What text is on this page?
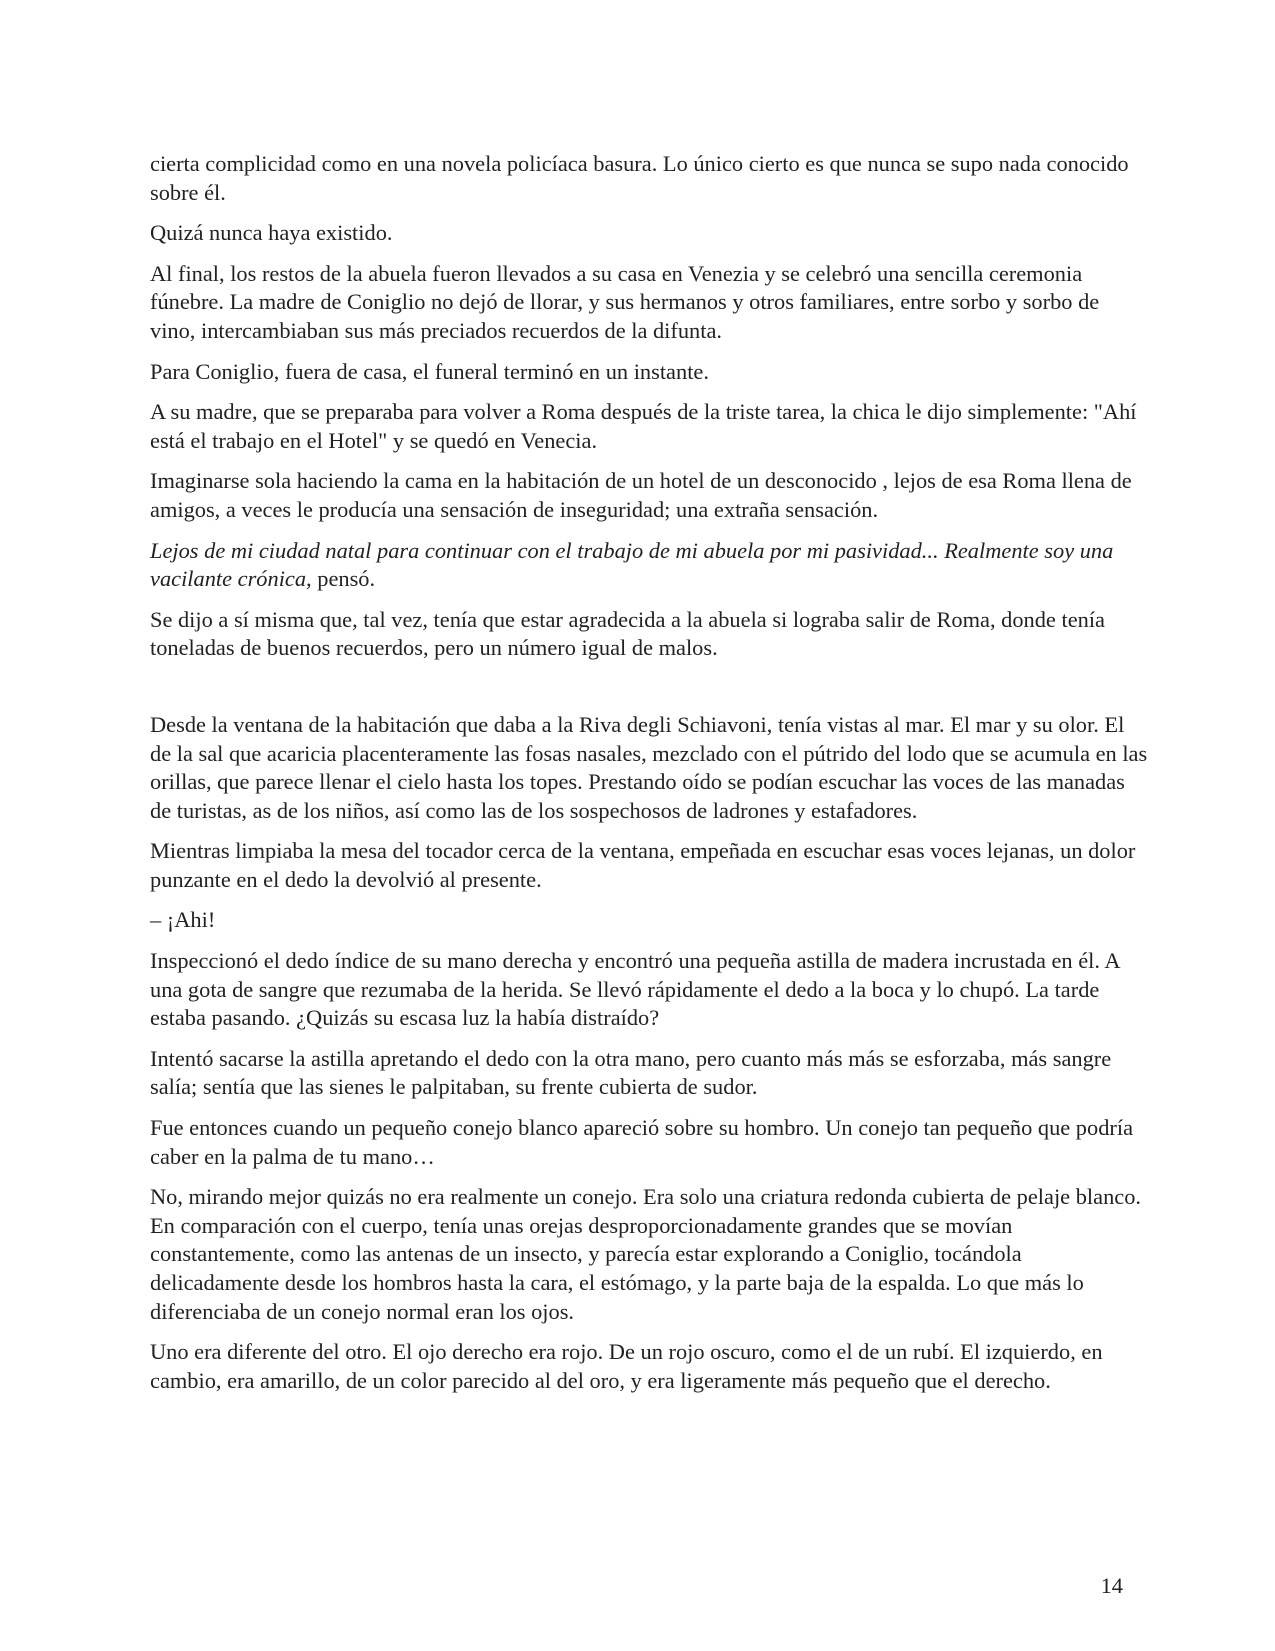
cierta complicidad como en una novela policíaca basura. Lo único cierto es que nunca se supo nada conocido sobre él.

Quizá nunca haya existido.

Al final, los restos de la abuela fueron llevados a su casa en Venezia y se celebró una sencilla ceremonia fúnebre. La madre de Coniglio no dejó de llorar, y sus hermanos y otros familiares, entre sorbo y sorbo de vino, intercambiaban sus más preciados recuerdos de la difunta.

Para Coniglio, fuera de casa, el funeral terminó en un instante.

A su madre, que se preparaba para volver a Roma después de la triste tarea, la chica le dijo simplemente: "Ahí está el trabajo en el Hotel" y se quedó en Venecia.

Imaginarse sola haciendo la cama en la habitación de un hotel de un desconocido , lejos de esa Roma llena de amigos, a veces le producía una sensación de inseguridad; una extraña sensación.

Lejos de mi ciudad natal para continuar con el trabajo de mi abuela por mi pasividad... Realmente soy una vacilante crónica, pensó.

Se dijo a sí misma que, tal vez, tenía que estar agradecida a la abuela si lograba salir de Roma, donde tenía toneladas de buenos recuerdos, pero un número igual de malos.

Desde la ventana de la habitación que daba a la Riva degli Schiavoni, tenía vistas al mar. El mar y su olor. El de la sal que acaricia placenteramente las fosas nasales, mezclado con el pútrido del lodo que se acumula en las orillas, que parece llenar el cielo hasta los topes. Prestando oído se podían escuchar las voces de las manadas de turistas, as de los niños, así como las de los sospechosos de ladrones y estafadores.

Mientras limpiaba la mesa del tocador cerca de la ventana, empeñada en escuchar esas voces lejanas, un dolor punzante en el dedo la devolvió al presente.

– ¡Ahi!

Inspeccionó el dedo índice de su mano derecha y encontró una pequeña astilla de madera incrustada en él. A una gota de sangre que rezumaba de la herida. Se llevó rápidamente el dedo a la boca y lo chupó. La tarde estaba pasando. ¿Quizás su escasa luz la había distraído?

Intentó sacarse la astilla apretando el dedo con la otra mano, pero cuanto más más se esforzaba, más sangre salía; sentía que las sienes le palpitaban, su frente cubierta de sudor.

Fue entonces cuando un pequeño conejo blanco apareció sobre su hombro. Un conejo tan pequeño que podría caber en la palma de tu mano…

No, mirando mejor quizás no era realmente un conejo. Era solo una criatura redonda cubierta de pelaje blanco. En comparación con el cuerpo, tenía unas orejas desproporcionadamente grandes que se movían constantemente, como las antenas de un insecto, y parecía estar explorando a Coniglio, tocándola delicadamente desde los hombros hasta la cara, el estómago, y la parte baja de la espalda. Lo que más lo diferenciaba de un conejo normal eran los ojos.

Uno era diferente del otro. El ojo derecho era rojo. De un rojo oscuro, como el de un rubí. El izquierdo, en cambio, era amarillo, de un color parecido al del oro, y era ligeramente más pequeño que el derecho.

14
